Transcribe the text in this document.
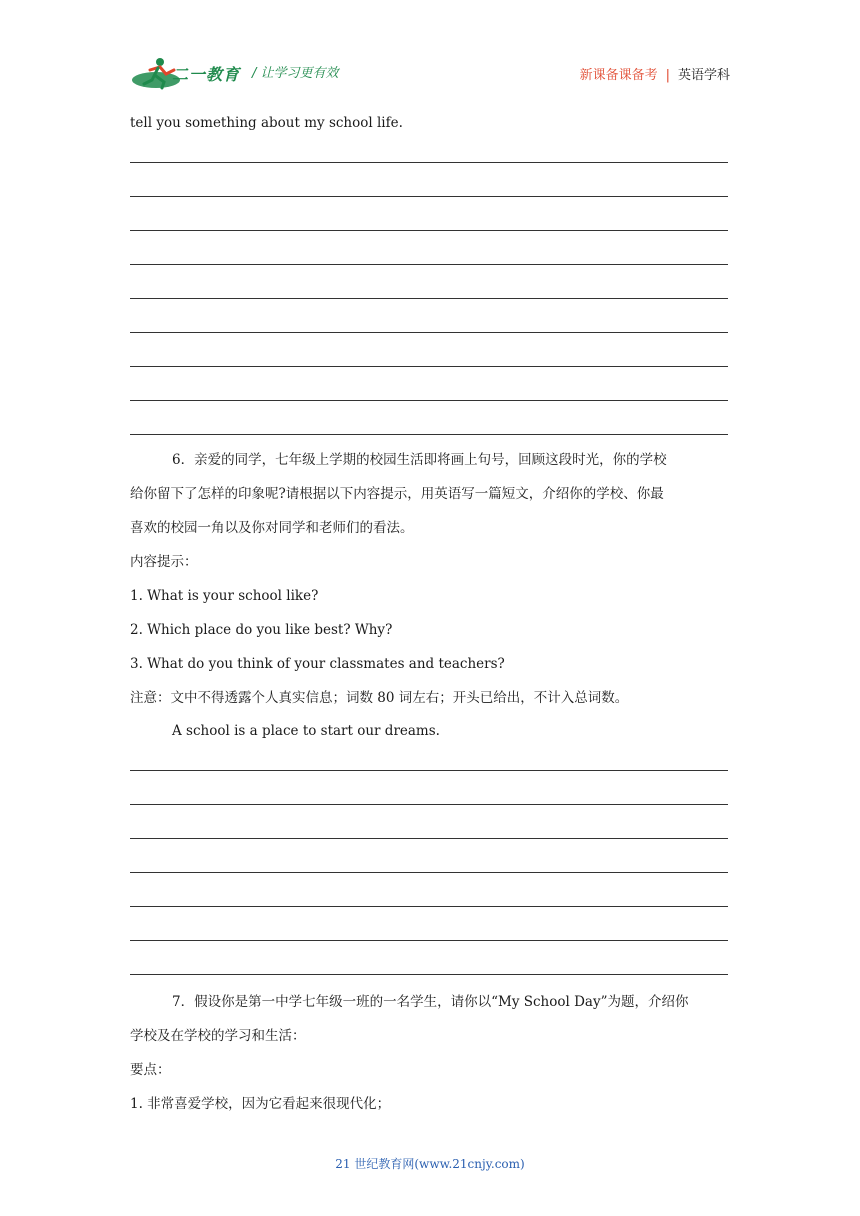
二一教育 / 让学习更有效	新课备课备考 | 英语学科
tell you something about my school life.
6．亲爱的同学，七年级上学期的校园生活即将画上句号，回顾这段时光，你的学校
给你留下了怎样的印象呢?请根据以下内容提示，用英语写一篇短文，介绍你的学校、你最
喜欢的校园一角以及你对同学和老师们的看法。
内容提示：
1. What is your school like?
2. Which place do you like best? Why?
3. What do you think of your classmates and teachers?
注意：文中不得透露个人真实信息；词数 80 词左右；开头已给出，不计入总词数。
A school is a place to start our dreams.
7．假设你是第一中学七年级一班的一名学生，请你以“My School Day”为题，介绍你
学校及在学校的学习和生活：
要点：
1. 非常喜爱学校，因为它看起来很现代化；
21 世纪教育网(www.21cnjy.com)
